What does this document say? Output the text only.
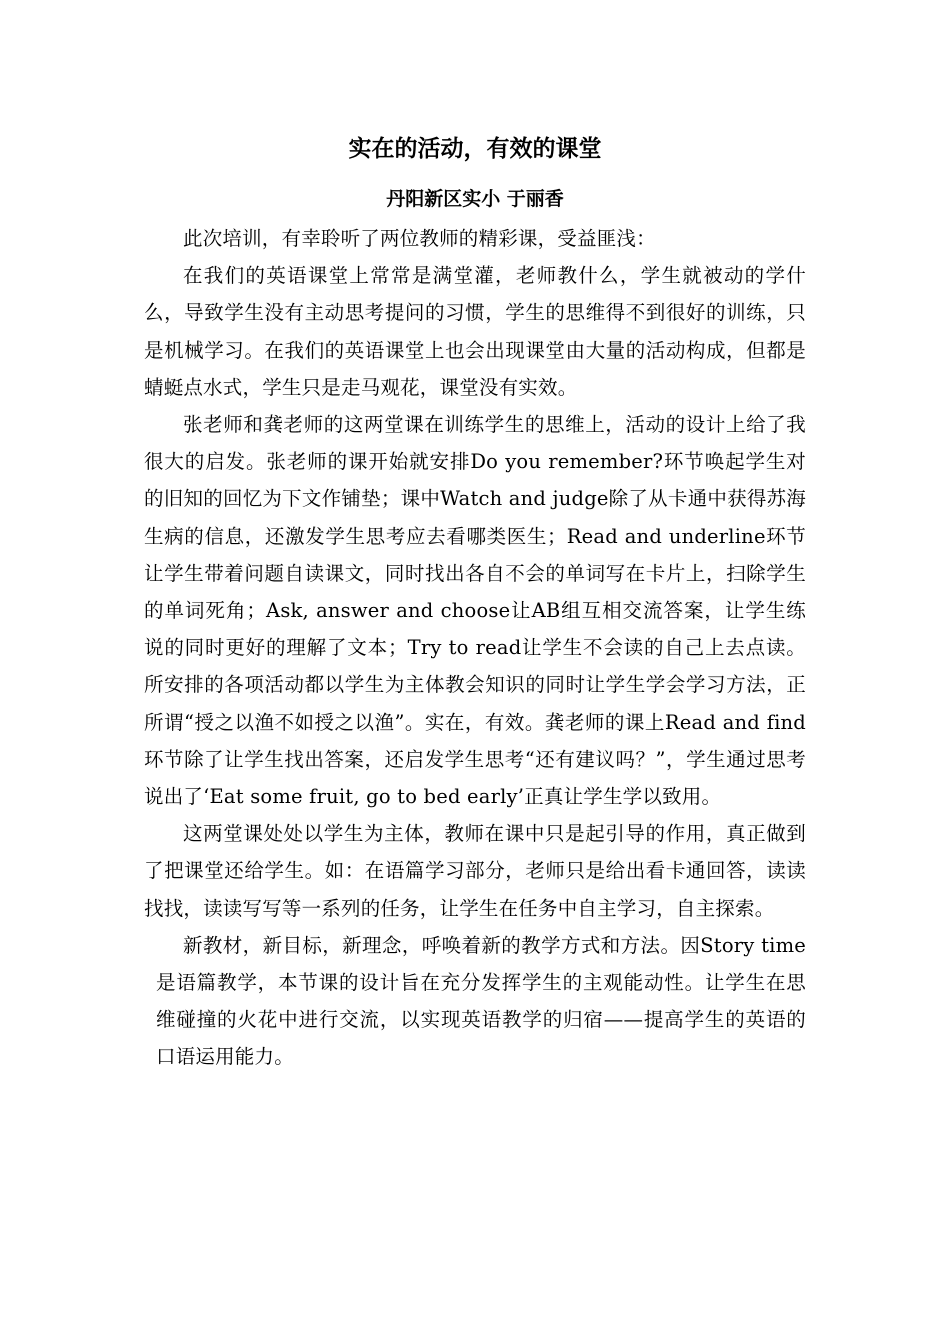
实在的活动，有效的课堂
丹阳新区实小 于丽香

此次培训，有幸聆听了两位教师的精彩课，受益匪浅：

在我们的英语课堂上常常是满堂灌，老师教什么，学生就被动的学什么，导致学生没有主动思考提问的习惯，学生的思维得不到很好的训练，只是机械学习。在我们的英语课堂上也会出现课堂由大量的活动构成，但都是蜻蜓点水式，学生只是走马观花，课堂没有实效。

张老师和龚老师的这两堂课在训练学生的思维上，活动的设计上给了我很大的启发。张老师的课开始就安排Do you remember?环节唤起学生对的旧知的回忆为下文作铺垫；课中Watch and judge除了从卡通中获得苏海生病的信息，还激发学生思考应去看哪类医生；Read and underline环节让学生带着问题自读课文，同时找出各自不会的单词写在卡片上，扫除学生的单词死角；Ask, answer and choose让AB组互相交流答案，让学生练说的同时更好的理解了文本；Try to read让学生不会读的自己上去点读。所安排的各项活动都以学生为主体教会知识的同时让学生学会学习方法，正所谓“授之以渔不如授之以渔”。实在，有效。龚老师的课上Read and find环节除了让学生找出答案，还启发学生思考“还有建议吗？”，学生通过思考说出了‘Eat some fruit, go to bed early’正真让学生学以致用。

这两堂课处处以学生为主体，教师在课中只是起引导的作用，真正做到了把课堂还给学生。如：在语篇学习部分，老师只是给出看卡通回答，读读找找，读读写写等一系列的任务，让学生在任务中自主学习，自主探索。

新教材，新目标，新理念，呼唤着新的教学方式和方法。因Story time是语篇教学，本节课的设计旨在充分发挥学生的主观能动性。让学生在思维碰撞的火花中进行交流，以实现英语教学的归宿——提高学生的英语的口语运用能力。
